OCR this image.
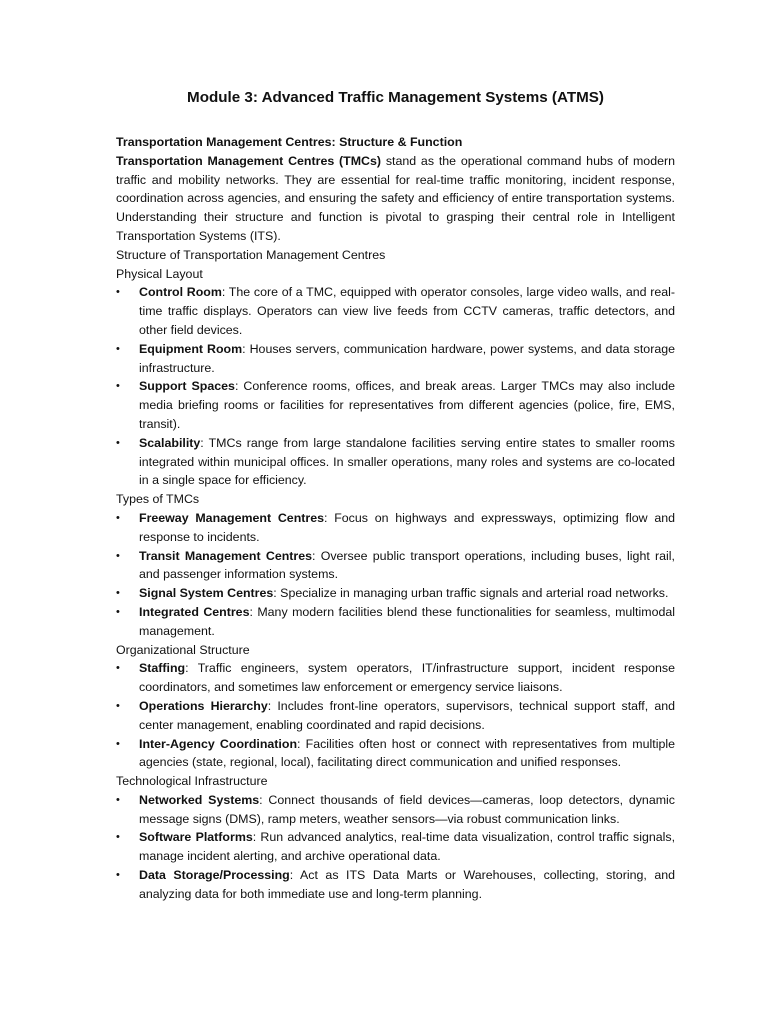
Module 3: Advanced Traffic Management Systems (ATMS)
Transportation Management Centres: Structure & Function

Transportation Management Centres (TMCs) stand as the operational command hubs of modern traffic and mobility networks. They are essential for real-time traffic monitoring, incident response, coordination across agencies, and ensuring the safety and efficiency of entire transportation systems. Understanding their structure and function is pivotal to grasping their central role in Intelligent Transportation Systems (ITS).

Structure of Transportation Management Centres
Physical Layout
• Control Room: The core of a TMC, equipped with operator consoles, large video walls, and real-time traffic displays. Operators can view live feeds from CCTV cameras, traffic detectors, and other field devices.
• Equipment Room: Houses servers, communication hardware, power systems, and data storage infrastructure.
• Support Spaces: Conference rooms, offices, and break areas. Larger TMCs may also include media briefing rooms or facilities for representatives from different agencies (police, fire, EMS, transit).
• Scalability: TMCs range from large standalone facilities serving entire states to smaller rooms integrated within municipal offices. In smaller operations, many roles and systems are co-located in a single space for efficiency.
Types of TMCs
• Freeway Management Centres: Focus on highways and expressways, optimizing flow and response to incidents.
• Transit Management Centres: Oversee public transport operations, including buses, light rail, and passenger information systems.
• Signal System Centres: Specialize in managing urban traffic signals and arterial road networks.
• Integrated Centres: Many modern facilities blend these functionalities for seamless, multimodal management.
Organizational Structure
• Staffing: Traffic engineers, system operators, IT/infrastructure support, incident response coordinators, and sometimes law enforcement or emergency service liaisons.
• Operations Hierarchy: Includes front-line operators, supervisors, technical support staff, and center management, enabling coordinated and rapid decisions.
• Inter-Agency Coordination: Facilities often host or connect with representatives from multiple agencies (state, regional, local), facilitating direct communication and unified responses.
Technological Infrastructure
• Networked Systems: Connect thousands of field devices—cameras, loop detectors, dynamic message signs (DMS), ramp meters, weather sensors—via robust communication links.
• Software Platforms: Run advanced analytics, real-time data visualization, control traffic signals, manage incident alerting, and archive operational data.
• Data Storage/Processing: Act as ITS Data Marts or Warehouses, collecting, storing, and analyzing data for both immediate use and long-term planning.
